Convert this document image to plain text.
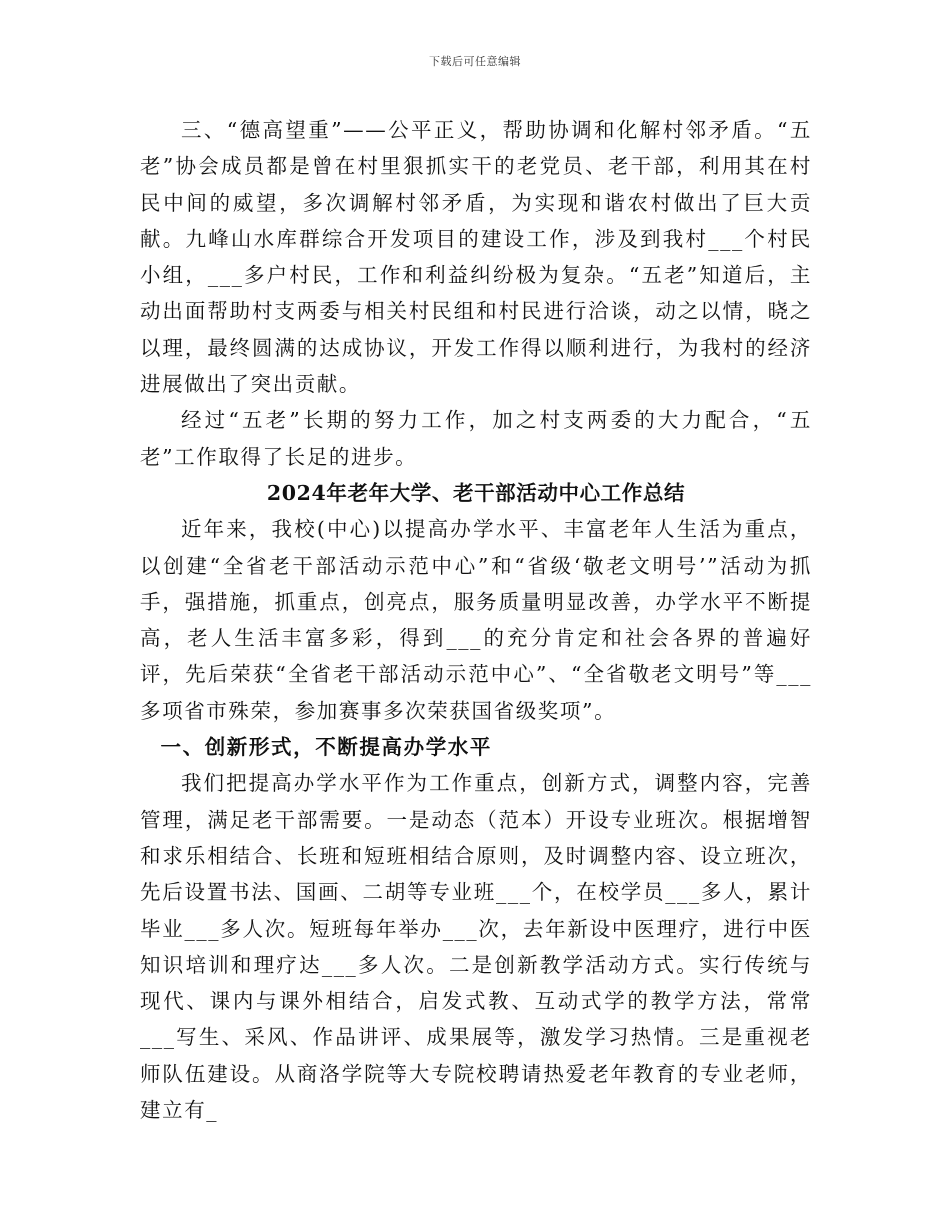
下载后可任意编辑

三、“德高望重”——公平正义，帮助协调和化解村邻矛盾。“五老”协会成员都是曾在村里狠抓实干的老党员、老干部，利用其在村民中间的威望，多次调解村邻矛盾，为实现和谐农村做出了巨大贡献。九峰山水库群综合开发项目的建设工作，涉及到我村___个村民小组，___多户村民，工作和利益纠纷极为复杂。“五老”知道后，主动出面帮助村支两委与相关村民组和村民进行洽谈，动之以情，晓之以理，最终圆满的达成协议，开发工作得以顺利进行，为我村的经济进展做出了突出贡献。

经过“五老”长期的努力工作，加之村支两委的大力配合，“五老”工作取得了长足的进步。

2024年老年大学、老干部活动中心工作总结

近年来，我校(中心)以提高办学水平、丰富老年人生活为重点，以创建“全省老干部活动示范中心”和“省级‘敬老文明号’”活动为抓手，强措施，抓重点，创亮点，服务质量明显改善，办学水平不断提高，老人生活丰富多彩，得到___的充分肯定和社会各界的普遍好评，先后荣获“全省老干部活动示范中心”、“全省敬老文明号”等___多项省市殊荣，参加赛事多次荣获国省级奖项”。

一、创新形式，不断提高办学水平

我们把提高办学水平作为工作重点，创新方式，调整内容，完善管理，满足老干部需要。一是动态（范本）开设专业班次。根据增智和求乐相结合、长班和短班相结合原则，及时调整内容、设立班次，先后设置书法、国画、二胡等专业班___个，在校学员___多人，累计毕业___多人次。短班每年举办___次，去年新设中医理疗，进行中医知识培训和理疗达___多人次。二是创新教学活动方式。实行传统与现代、课内与课外相结合，启发式教、互动式学的教学方法，常常___写生、采风、作品讲评、成果展等，激发学习热情。三是重视老师队伍建设。从商洛学院等大专院校聘请热爱老年教育的专业老师，建立有_
